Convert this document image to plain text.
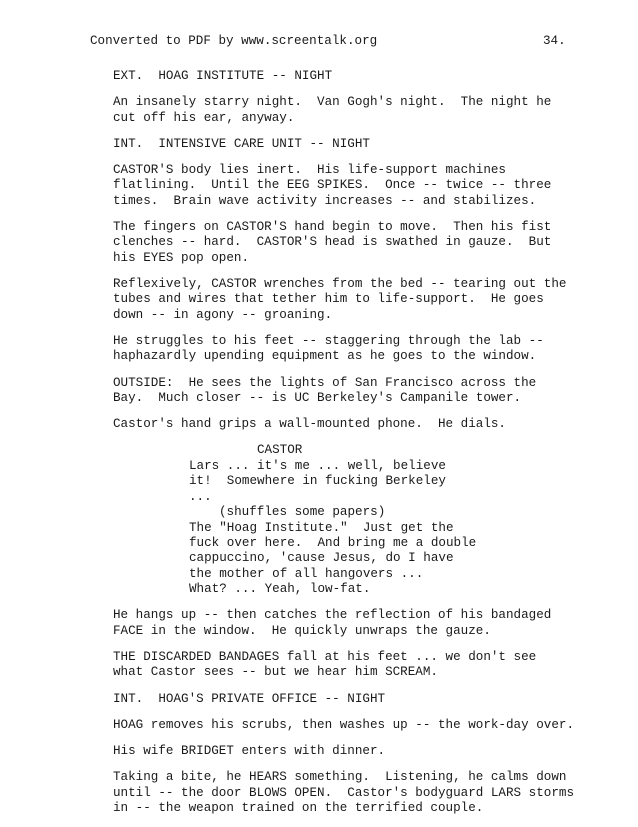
Converted to PDF by www.screentalk.org	34.
EXT.  HOAG INSTITUTE -- NIGHT
An insanely starry night.  Van Gogh's night.  The night he
cut off his ear, anyway.
INT.  INTENSIVE CARE UNIT -- NIGHT
CASTOR'S body lies inert.  His life-support machines
flatlining.  Until the EEG SPIKES.  Once -- twice -- three
times.  Brain wave activity increases -- and stabilizes.
The fingers on CASTOR'S hand begin to move.  Then his fist
clenches -- hard.  CASTOR'S head is swathed in gauze.  But
his EYES pop open.
Reflexively, CASTOR wrenches from the bed -- tearing out the
tubes and wires that tether him to life-support.  He goes
down -- in agony -- groaning.
He struggles to his feet -- staggering through the lab --
haphazardly upending equipment as he goes to the window.
OUTSIDE:  He sees the lights of San Francisco across the
Bay.  Much closer -- is UC Berkeley's Campanile tower.
Castor's hand grips a wall-mounted phone.  He dials.
CASTOR
Lars ... it's me ... well, believe
it!  Somewhere in fucking Berkeley
...
(shuffles some papers)
The "Hoag Institute."  Just get the
fuck over here.  And bring me a double
cappuccino, 'cause Jesus, do I have
the mother of all hangovers ...
What? ... Yeah, low-fat.
He hangs up -- then catches the reflection of his bandaged
FACE in the window.  He quickly unwraps the gauze.
THE DISCARDED BANDAGES fall at his feet ... we don't see
what Castor sees -- but we hear him SCREAM.
INT.  HOAG'S PRIVATE OFFICE -- NIGHT
HOAG removes his scrubs, then washes up -- the work-day over.
His wife BRIDGET enters with dinner.
Taking a bite, he HEARS something.  Listening, he calms down
until -- the door BLOWS OPEN.  Castor's bodyguard LARS storms
in -- the weapon trained on the terrified couple.
